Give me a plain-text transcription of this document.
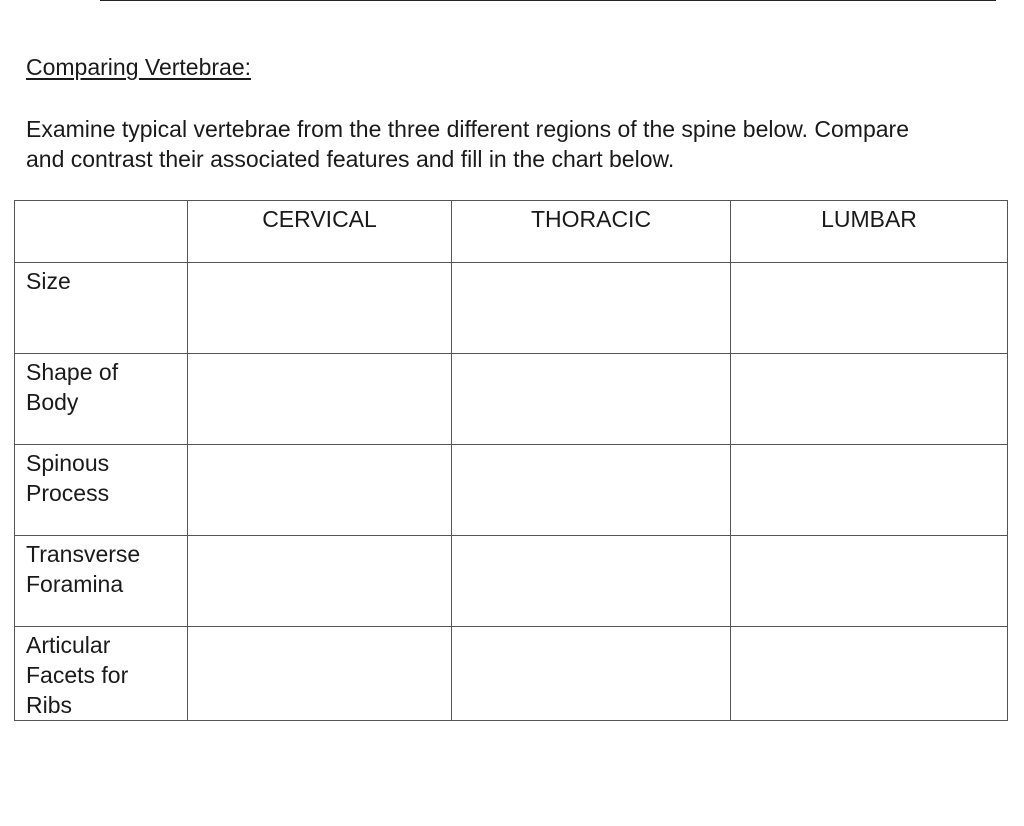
Comparing Vertebrae:

Examine typical vertebrae from the three different regions of the spine below. Compare
and contrast their associated features and fill in the chart below.

	CERVICAL	THORACIC	LUMBAR

Size			

Shape of
Body			

Spinous
Process			

Transverse
Foramina			

Articular
Facets for
Ribs			
